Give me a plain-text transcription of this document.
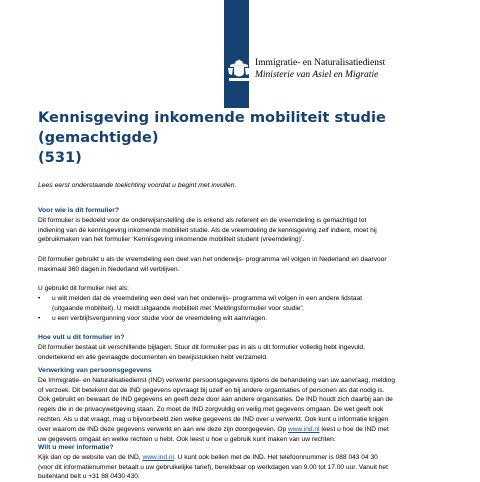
Immigratie- en Naturalisatiedienst
Ministerie van Asiel en Migratie
Kennisgeving inkomende mobiliteit studie (gemachtigde)
(531)

Lees eerst onderstaande toelichting voordat u begint met invullen.

Voor wie is dit formulier?

Dit formulier is bedoeld voor de onderwijsinstelling die is erkend als referent en de vreemdeling is gemachtigd tot

indiening van de kennisgeving inkomende mobiliteit studie. Als de vreemdeling de kennisgeving zelf indient, moet hij

gebruikmaken van het formulier ‘Kennisgeving inkomende mobiliteit student (vreemdeling)’.

Dit formulier gebruikt u als de vreemdeling een deel van het onderwijs- programma wil volgen in Nederland en daarvoor

maximaal 360 dagen in Nederland wil verblijven.

U gebruikt dit formulier niet als:

• u wilt melden dat de vreemdeling een deel van het onderwijs- programma wil volgen in een andere lidstaat
(uitgaande mobiliteit). U meldt uitgaande mobiliteit met ‘Meldingsformulier voor studie’;
• u een verblijfsvergunning voor studie voor de vreemdeling wilt aanvragen.
Hoe vult u dit formulier in?

Dit formulier bestaat uit verschillende bijlagen. Stuur dit formulier pas in als u dit formulier volledig hebt ingevuld,

ondertekend en alle gevraagde documenten en bewijsstukken hebt verzameld.

Verwerking van persoonsgegevens

De Immigratie- en Naturalisatiedienst (IND) verwerkt persoonsgegevens tijdens de behandeling van uw aanvraag, melding

of verzoek. Dit betekent dat de IND gegevens opvraagt bij uzelf en bij andere organisaties of personen als dat nodig is.

Ook gebruikt en bewaart de IND gegevens en geeft deze door aan andere organisaties. De IND houdt zich daarbij aan de

regels die in de privacywetgeving staan. Zo moet de IND zorgvuldig en veilig met gegevens omgaan. De wet geeft ook

rechten. Als u dat vraagt, mag u bijvoorbeeld zien welke gegevens de IND over u verwerkt. Ook kunt u informatie krijgen

over waarom de IND deze gegevens verwerkt en aan wie deze zijn doorgegeven. Op www.ind.nl leest u hoe de IND met

uw gegevens omgaat en welke rechten u hebt. Ook leest u hoe u gebruik kunt maken van uw rechten.

Wilt u meer informatie?

Kijk dan op de website van de IND, www.ind.nl. U kunt ook bellen met de IND. Het telefoonnummer is 088 043 04 30

(voor dit informatienummer betaalt u uw gebruikelijke tarief), bereikbaar op werkdagen van 9.00 tot 17.00 uur. Vanuit het

buitenland belt u +31 88 0430 430.
